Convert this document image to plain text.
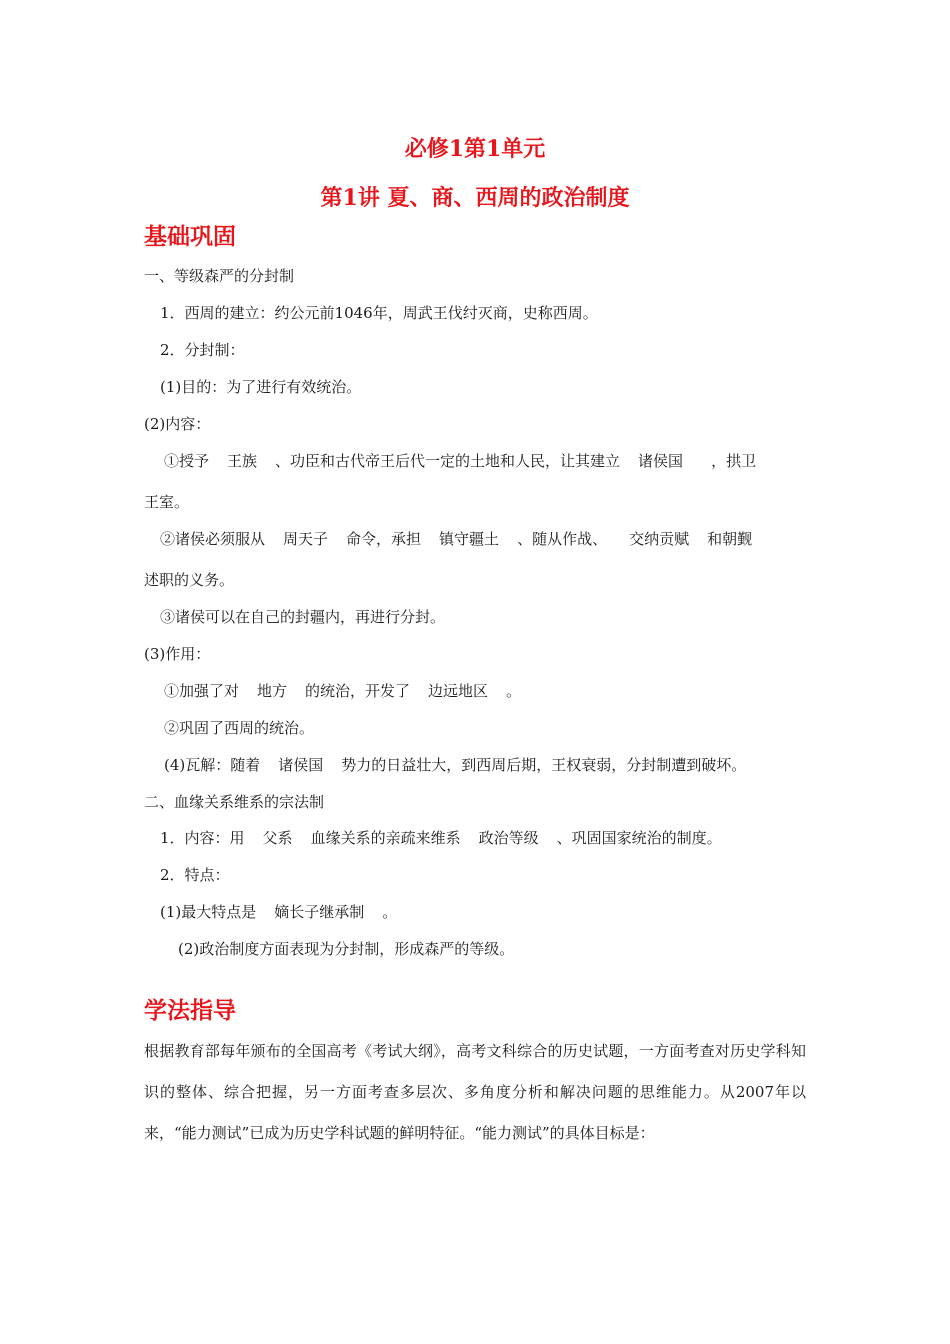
必修1第1单元
第1讲 夏、商、西周的政治制度
基础巩固
一、等级森严的分封制
1．西周的建立：约公元前1046年，周武王伐纣灭商，史称西周。
2．分封制：
(1)目的：为了进行有效统治。
(2)内容：
①授予 王族 、功臣和古代帝王后代一定的土地和人民，让其建立 诸侯国 ，拱卫
王室。
②诸侯必须服从 周天子 命令，承担 镇守疆土 、随从作战、 交纳贡赋 和朝觐
述职的义务。
③诸侯可以在自己的封疆内，再进行分封。
(3)作用：
①加强了对 地方 的统治，开发了 边远地区 。
②巩固了西周的统治。
(4)瓦解：随着 诸侯国 势力的日益壮大，到西周后期，王权衰弱，分封制遭到破坏。
二、血缘关系维系的宗法制
1．内容：用 父系 血缘关系的亲疏来维系 政治等级 、巩固国家统治的制度。
2．特点：
(1)最大特点是 嫡长子继承制 。
(2)政治制度方面表现为分封制，形成森严的等级。
学法指导
根据教育部每年颁布的全国高考《考试大纲》，高考文科综合的历史试题，一方面考查对历史学科知识的整体、综合把握，另一方面考查多层次、多角度分析和解决问题的思维能力。从2007年以来，“能力测试”已成为历史学科试题的鲜明特征。“能力测试”的具体目标是：
